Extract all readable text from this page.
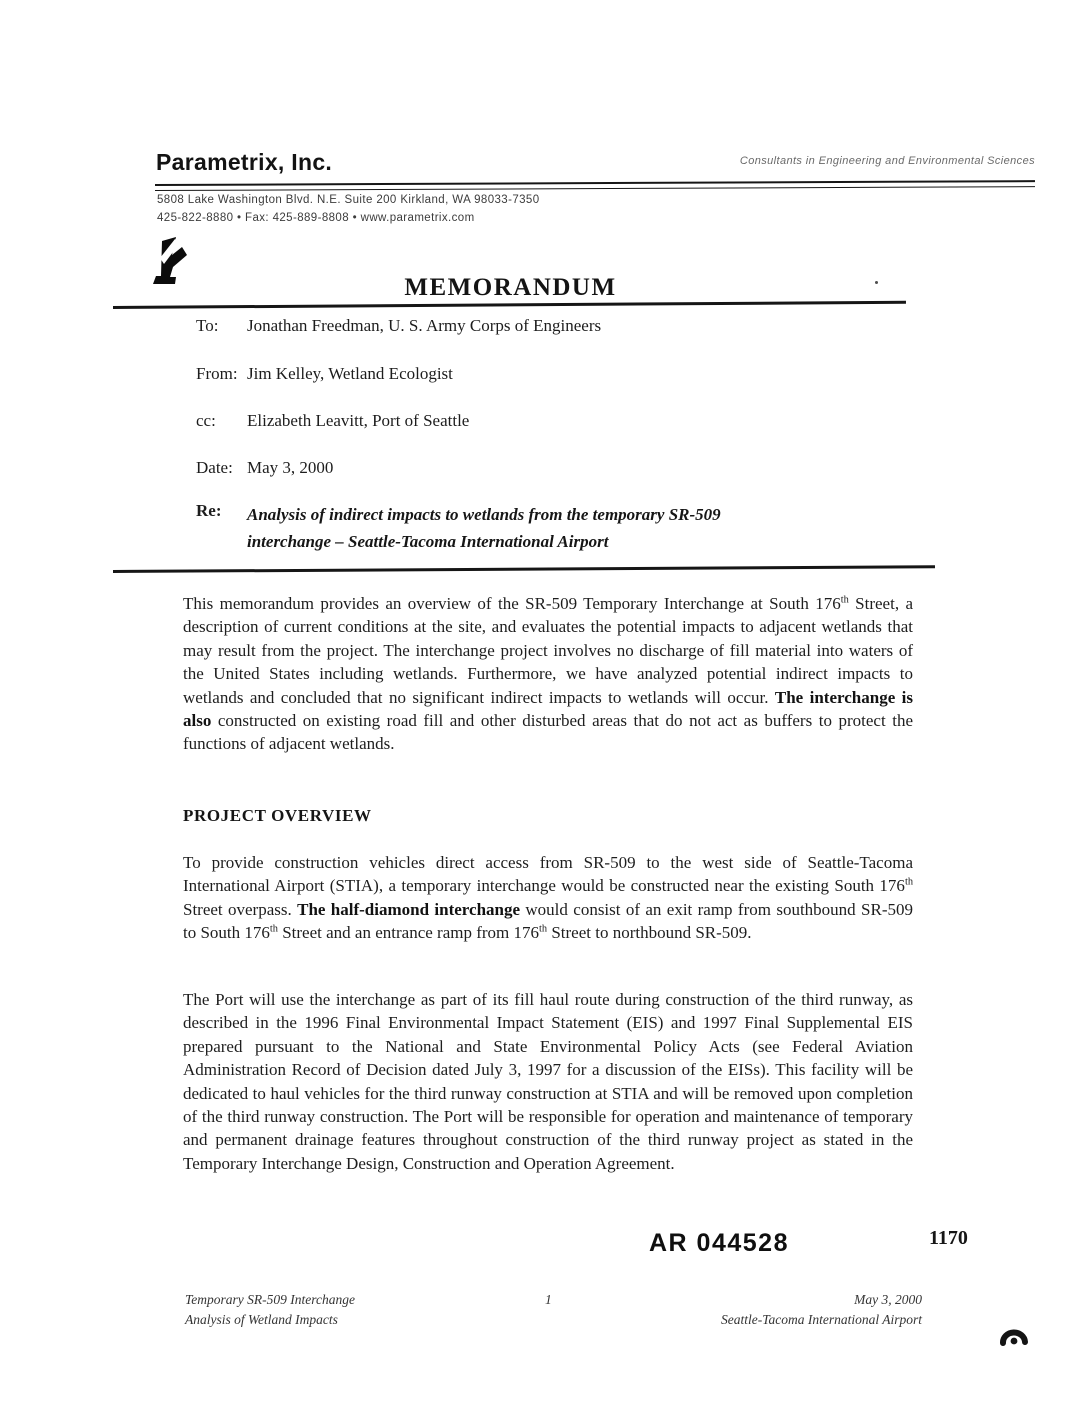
Parametrix, Inc.	Consultants in Engineering and Environmental Sciences
5808 Lake Washington Blvd. N.E. Suite 200 Kirkland, WA 98033-7350
425-822-8880 • Fax: 425-889-8808 • www.parametrix.com
MEMORANDUM
To: Jonathan Freedman, U. S. Army Corps of Engineers
From: Jim Kelley, Wetland Ecologist
cc: Elizabeth Leavitt, Port of Seattle
Date: May 3, 2000
Re: Analysis of indirect impacts to wetlands from the temporary SR-509
interchange – Seattle-Tacoma International Airport
This memorandum provides an overview of the SR-509 Temporary Interchange at South 176th Street, a description of current conditions at the site, and evaluates the potential impacts to adjacent wetlands that may result from the project. The interchange project involves no discharge of fill material into waters of the United States including wetlands. Furthermore, we have analyzed potential indirect impacts to wetlands and concluded that no significant indirect impacts to wetlands will occur. The interchange is also constructed on existing road fill and other disturbed areas that do not act as buffers to protect the functions of adjacent wetlands.
PROJECT OVERVIEW
To provide construction vehicles direct access from SR-509 to the west side of Seattle-Tacoma International Airport (STIA), a temporary interchange would be constructed near the existing South 176th Street overpass. The half-diamond interchange would consist of an exit ramp from southbound SR-509 to South 176th Street and an entrance ramp from 176th Street to northbound SR-509.
The Port will use the interchange as part of its fill haul route during construction of the third runway, as described in the 1996 Final Environmental Impact Statement (EIS) and 1997 Final Supplemental EIS prepared pursuant to the National and State Environmental Policy Acts (see Federal Aviation Administration Record of Decision dated July 3, 1997 for a discussion of the EISs). This facility will be dedicated to haul vehicles for the third runway construction at STIA and will be removed upon completion of the third runway construction. The Port will be responsible for operation and maintenance of temporary and permanent drainage features throughout construction of the third runway project as stated in the Temporary Interchange Design, Construction and Operation Agreement.
AR 044528	1170
Temporary SR-509 Interchange
Analysis of Wetland Impacts
1	May 3, 2000
Seattle-Tacoma International Airport
